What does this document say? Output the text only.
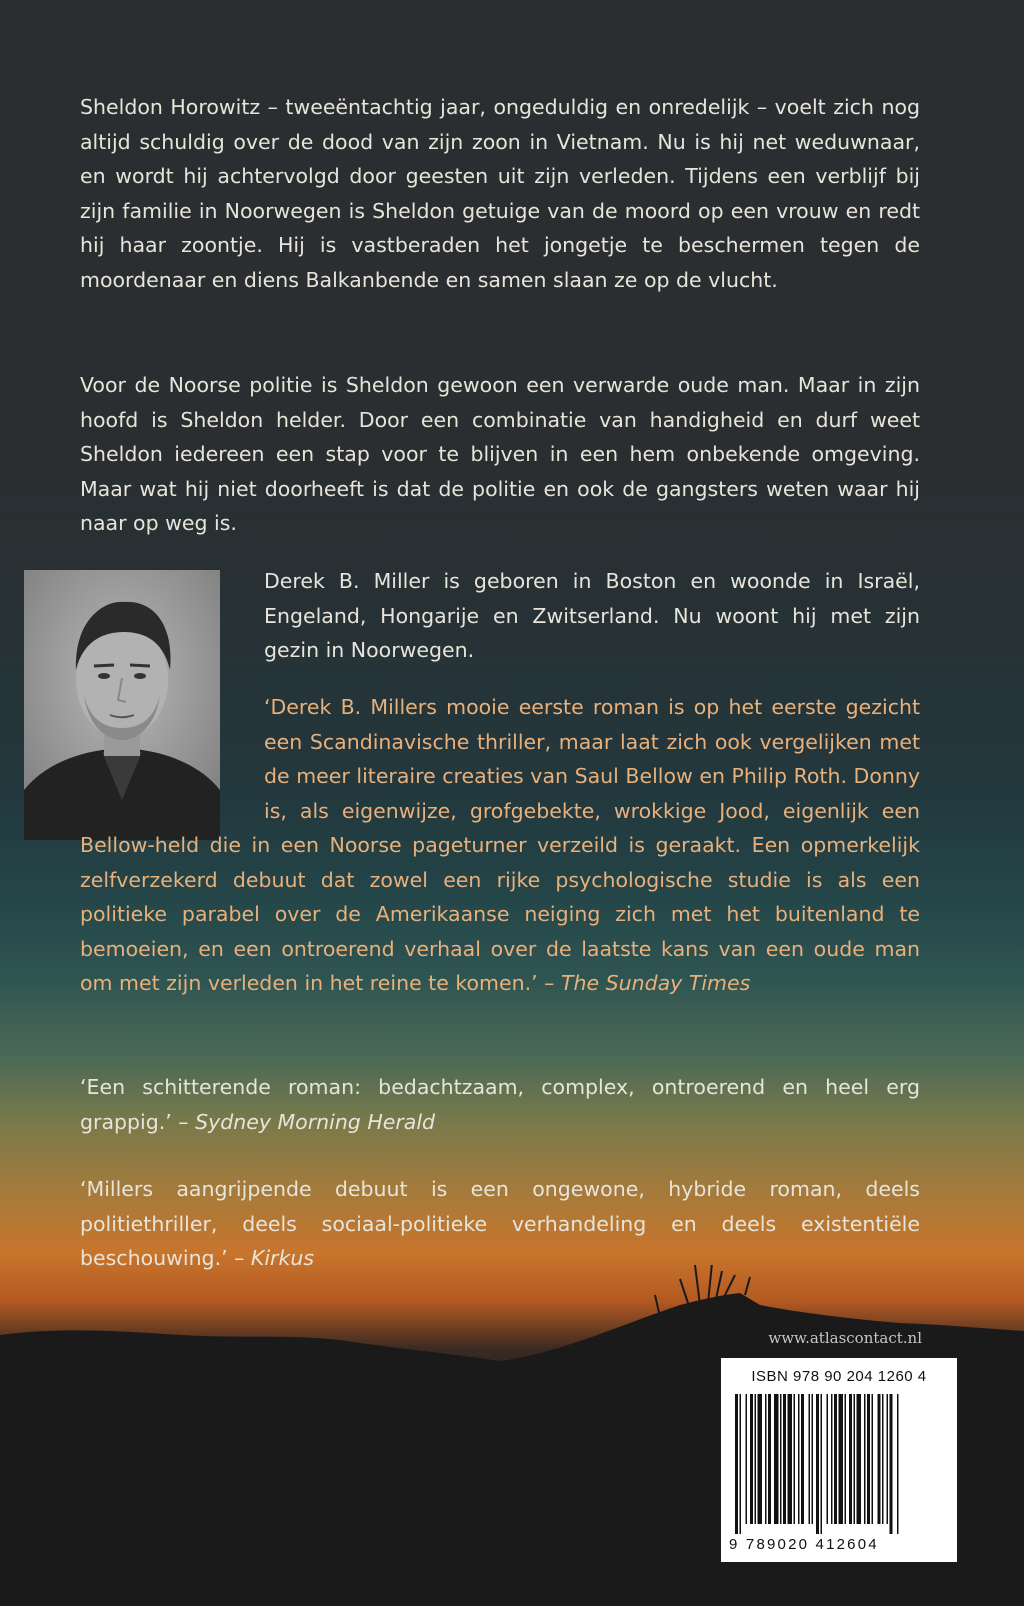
Sheldon Horowitz – tweeëntachtig jaar, ongeduldig en onredelijk – voelt zich nog altijd schuldig over de dood van zijn zoon in Vietnam. Nu is hij net weduwnaar, en wordt hij achtervolgd door geesten uit zijn verleden. Tijdens een verblijf bij zijn familie in Noorwegen is Sheldon getuige van de moord op een vrouw en redt hij haar zoontje. Hij is vastberaden het jongetje te beschermen tegen de moordenaar en diens Balkanbende en samen slaan ze op de vlucht.

Voor de Noorse politie is Sheldon gewoon een verwarde oude man. Maar in zijn hoofd is Sheldon helder. Door een combinatie van handigheid en durf weet Sheldon iedereen een stap voor te blijven in een hem onbekende omgeving. Maar wat hij niet doorheeft is dat de politie en ook de gangsters weten waar hij naar op weg is.

Derek B. Miller is geboren in Boston en woonde in Israël, Engeland, Hongarije en Zwitserland. Nu woont hij met zijn gezin in Noorwegen.

‘Derek B. Millers mooie eerste roman is op het eerste gezicht een Scandinavische thriller, maar laat zich ook vergelijken met de meer literaire creaties van Saul Bellow en Philip Roth. Donny is, als eigenwijze, grofgebekte, wrokkige Jood, eigenlijk een Bellow-held die in een Noorse pageturner verzeild is geraakt. Een opmerkelijk zelfverzekerd debuut dat zowel een rijke psychologische studie is als een politieke parabel over de Amerikaanse neiging zich met het buitenland te bemoeien, en een ontroerend verhaal over de laatste kans van een oude man om met zijn verleden in het reine te komen.’ – The Sunday Times

‘Een schitterende roman: bedachtzaam, complex, ontroerend en heel erg grappig.’ – Sydney Morning Herald

‘Millers aangrijpende debuut is een ongewone, hybride roman, deels politiethriller, deels sociaal-politieke verhandeling en deels existentiële beschouwing.’ – Kirkus

www.atlascontact.nl
ISBN 978 90 204 1260 4
9 789020 412604
